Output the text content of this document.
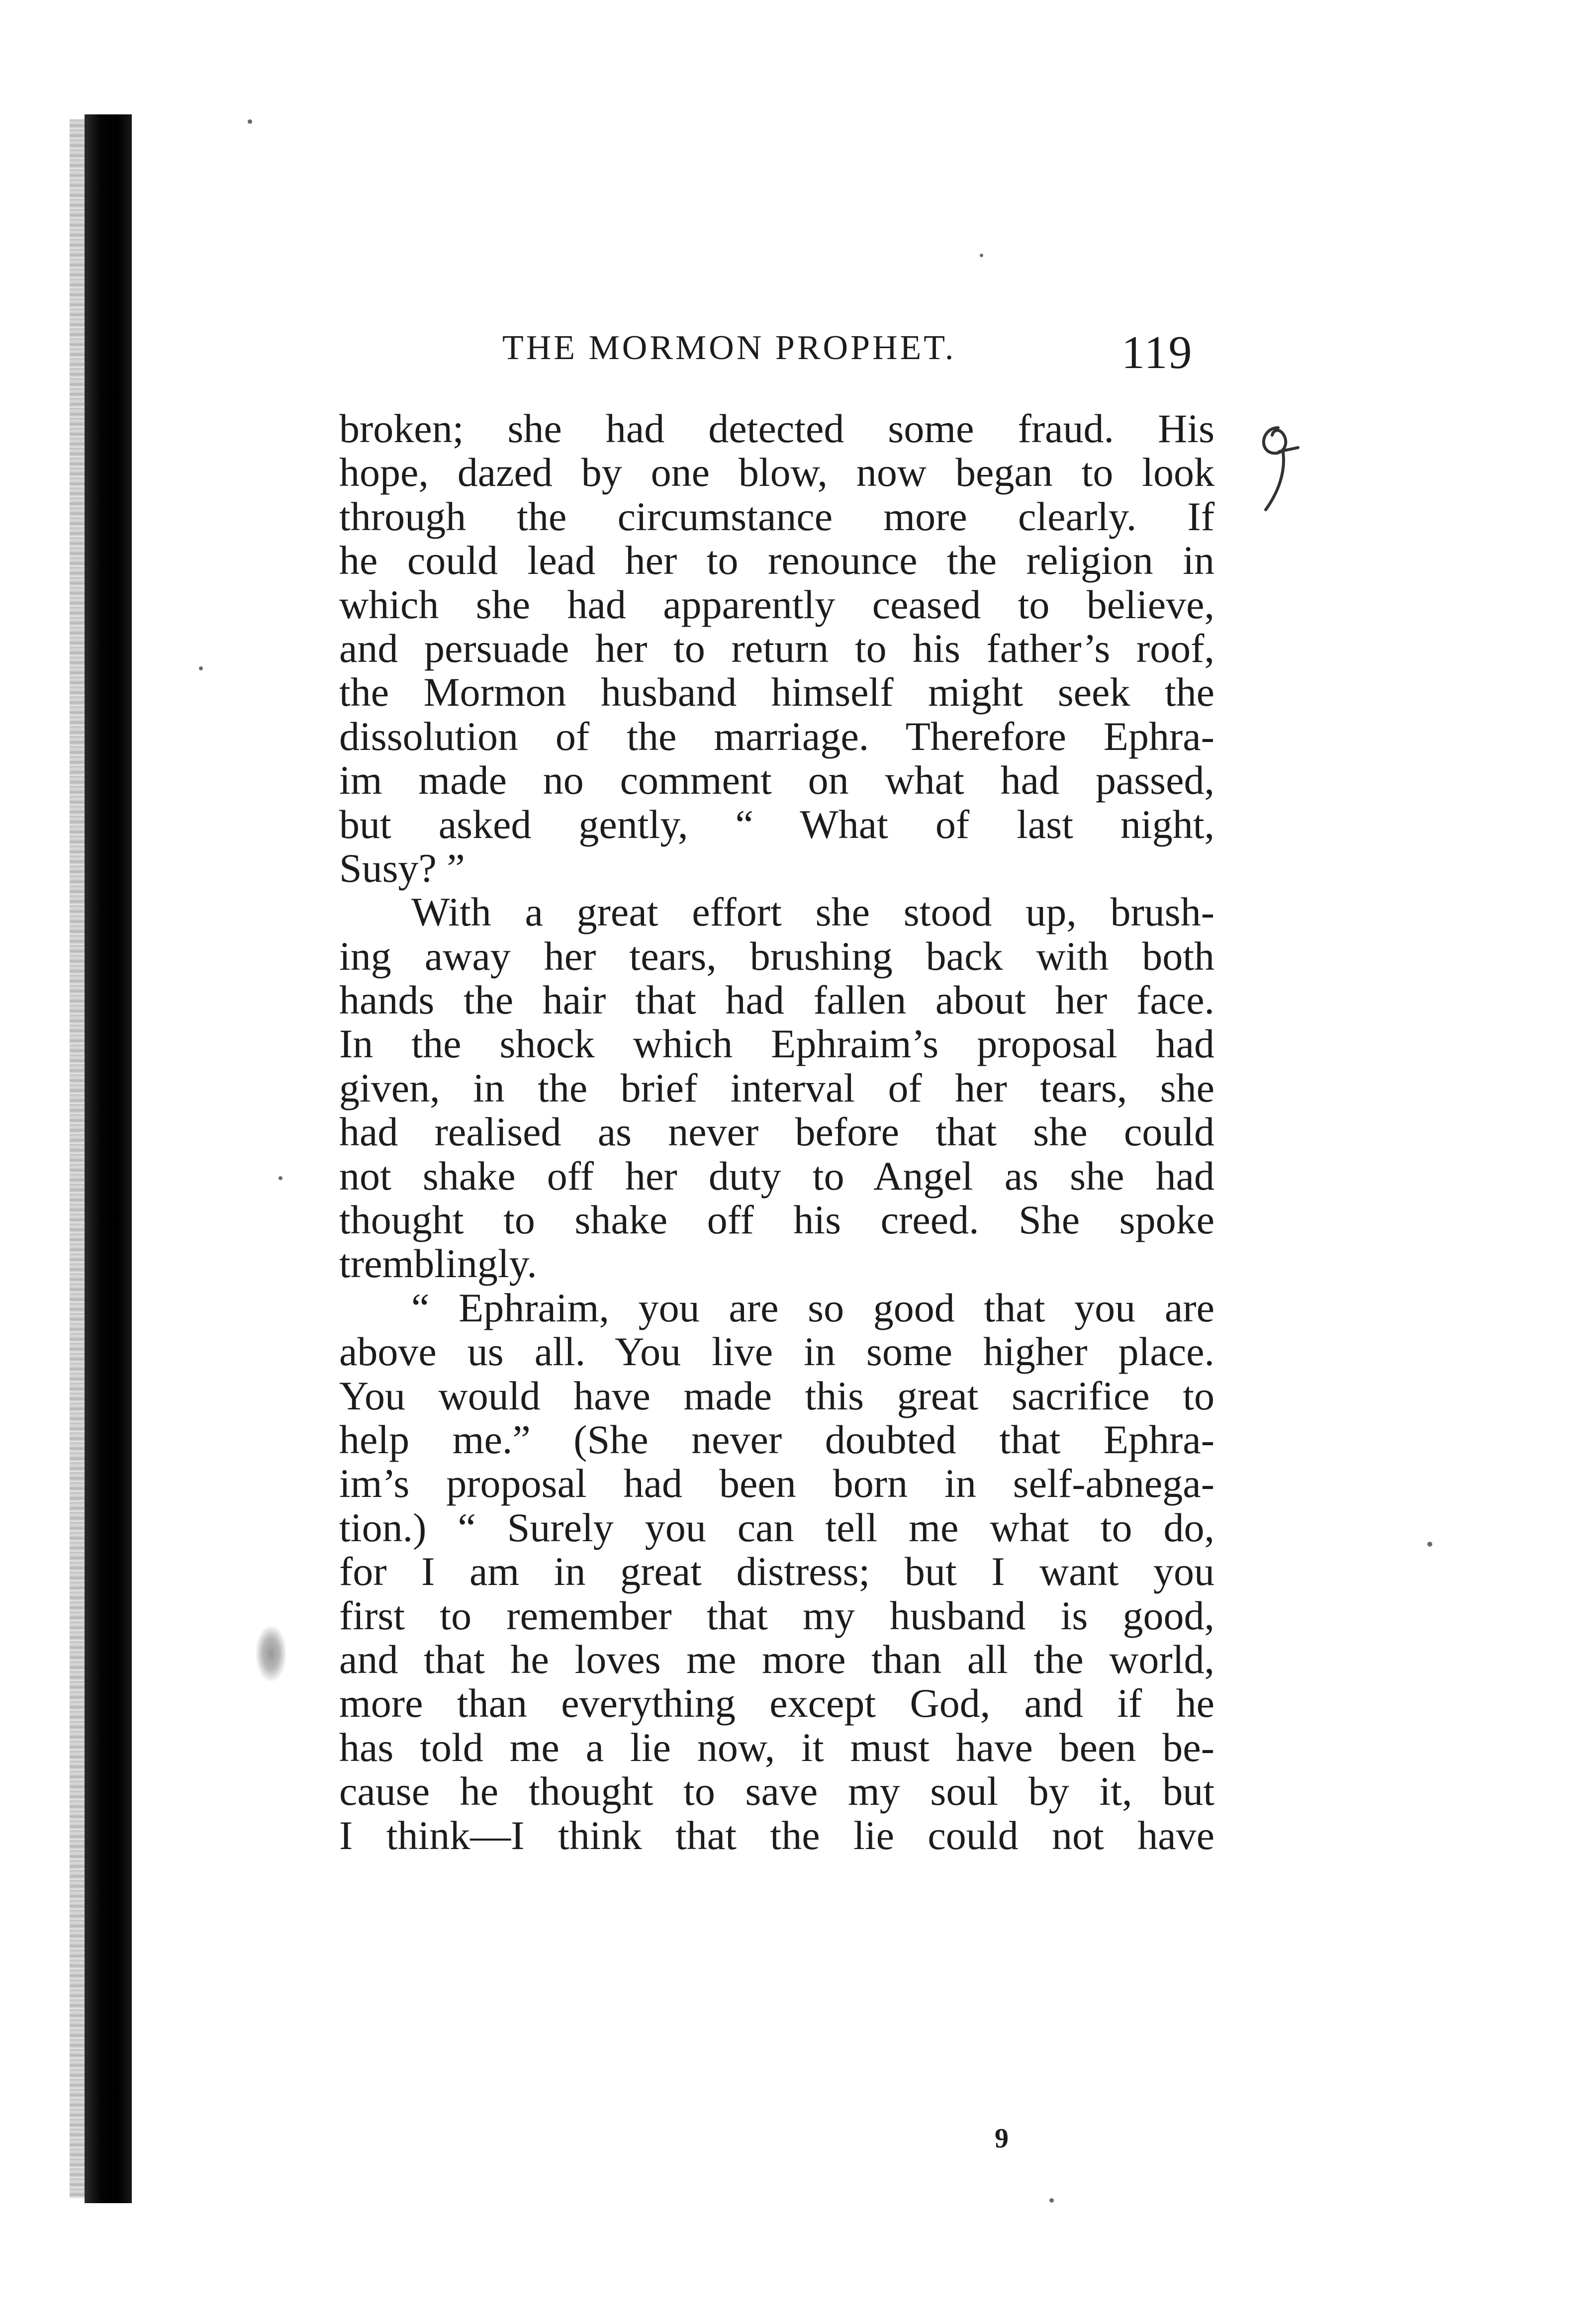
THE MORMON PROPHET.	119
broken; she had detected some fraud. His
hope, dazed by one blow, now began to look
through the circumstance more clearly. If
he could lead her to renounce the religion in
which she had apparently ceased to believe,
and persuade her to return to his father’s roof,
the Mormon husband himself might seek the
dissolution of the marriage. Therefore Ephra-
im made no comment on what had passed,
but asked gently, “ What of last night,
Susy? ”
With a great effort she stood up, brush-
ing away her tears, brushing back with both
hands the hair that had fallen about her face.
In the shock which Ephraim’s proposal had
given, in the brief interval of her tears, she
had realised as never before that she could
not shake off her duty to Angel as she had
thought to shake off his creed. She spoke
tremblingly.
“ Ephraim, you are so good that you are
above us all. You live in some higher place.
You would have made this great sacrifice to
help me.” (She never doubted that Ephra-
im’s proposal had been born in self-abnega-
tion.) “ Surely you can tell me what to do,
for I am in great distress; but I want you
first to remember that my husband is good,
and that he loves me more than all the world,
more than everything except God, and if he
has told me a lie now, it must have been be-
cause he thought to save my soul by it, but
I think—I think that the lie could not have
9
